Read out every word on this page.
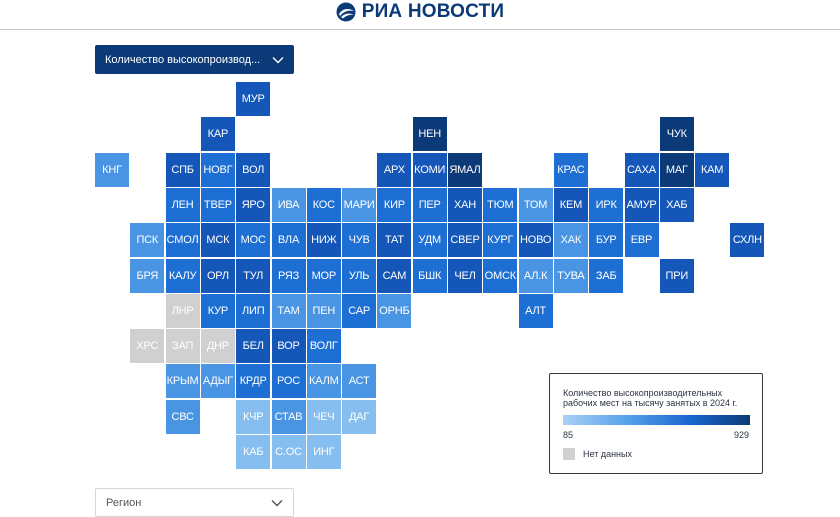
РИА НОВОСТИ
МУР
КАР	НЕН	ЧУК
КНГ	СПБ НОВГ ВОЛ	АРХ КОМИ ЯМАЛ	КРАС	САХА МАГ	КАМ
ЛЕН ТВЕР ЯРО	ИВА	КОС МАРИ КИР	ПЕР	ХАН	ТЮМ ТОМ	КЕМ	ИРК АМУР ХАБ
ПСК СМОЛ МСК	МОС	ВЛА	НИЖ	ЧУВ	ТАТ	УДМ СВЕР КУРГ НОВО ХАК	БУР	ЕВР	СХЛН
БРЯ КАЛУ ОРЛ	ТУЛ	РЯЗ	МОР	УЛЬ	САМ	БШК	ЧЕЛ ОМСК АЛ.К ТУВА	ЗАБ	ПРИ
ЛНР	КУР	ЛИП	ТАМ	ПЕН	САР ОРНБ	АЛТ
ХРС	ЗАП	ДНР	БЕЛ	ВОР ВОЛГ
КРЫМ АДЫГ КРДР РОС КАЛМ АСТ
СВС	КЧР	СТАВ ЧЕЧ	ДАГ
КАБ	С.ОС	ИНГ
Количество высокопроизвод...
Количество высокопроизводительных рабочих мест на тысячу занятых в 2024 г.
85	929
Нет данных
Регион
